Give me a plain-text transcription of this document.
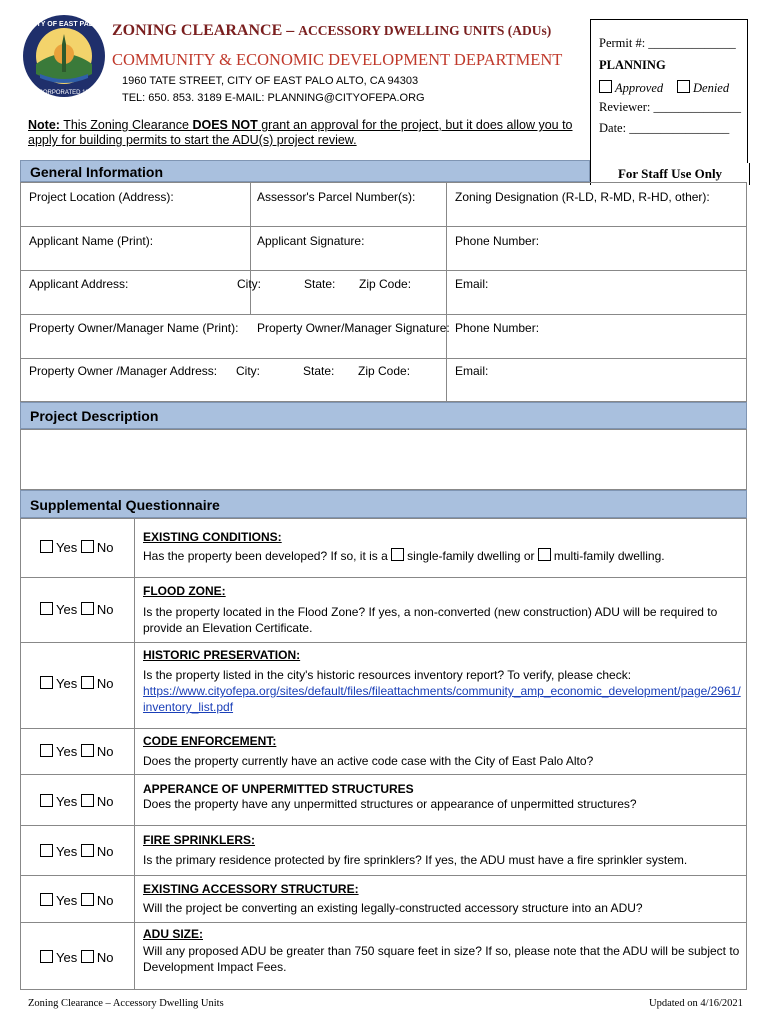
CITY OF EAST PALO
INCORPORATED 1983
ZONING CLEARANCE – ACCESSORY DWELLING UNITS (ADUs)
COMMUNITY & ECONOMIC DEVELOPMENT DEPARTMENT
1960 TATE STREET, CITY OF EAST PALO ALTO, CA 94303
TEL: 650. 853. 3189 E-MAIL: PLANNING@CITYOFEPA.ORG
Note: This Zoning Clearance DOES NOT grant an approval for the project, but it does allow you to apply for building permits to start the ADU(s) project review.
Permit #: ______________
PLANNING
Approved	Denied
Reviewer: ______________
Date: ________________
For Staff Use Only
General Information
Project Location (Address):	Assessor's Parcel Number(s):	Zoning Designation (R-LD, R-MD, R-HD, other):
Applicant Name (Print):	Applicant Signature:	Phone Number:
Applicant Address:	City:	State: Zip Code:	Email:
Property Owner/Manager Name (Print): Property Owner/Manager Signature: Phone Number:
Property Owner /Manager Address: City:	State: Zip Code:	Email:
Project Description
Supplemental Questionnaire
Yes No
EXISTING CONDITIONS:
Has the property been developed? If so, it is a single-family dwelling or multi-family dwelling.
Yes No
FLOOD ZONE:
Is the property located in the Flood Zone? If yes, a non-converted (new construction) ADU will be required to provide an Elevation Certificate.
Yes No
HISTORIC PRESERVATION:
Is the property listed in the city's historic resources inventory report? To verify, please check:
https://www.cityofepa.org/sites/default/files/fileattachments/community_amp_economic_development/page/2961/inventory_list.pdf
Yes No
CODE ENFORCEMENT:
Does the property currently have an active code case with the City of East Palo Alto?
Yes No
APPERANCE OF UNPERMITTED STRUCTURES
Does the property have any unpermitted structures or appearance of unpermitted structures?
Yes No
FIRE SPRINKLERS:
Is the primary residence protected by fire sprinklers? If yes, the ADU must have a fire sprinkler system.
Yes No
EXISTING ACCESSORY STRUCTURE:
Will the project be converting an existing legally-constructed accessory structure into an ADU?
Yes No
ADU SIZE:
Will any proposed ADU be greater than 750 square feet in size? If so, please note that the ADU will be subject to Development Impact Fees.
Zoning Clearance – Accessory Dwelling Units	Updated on 4/16/2021
